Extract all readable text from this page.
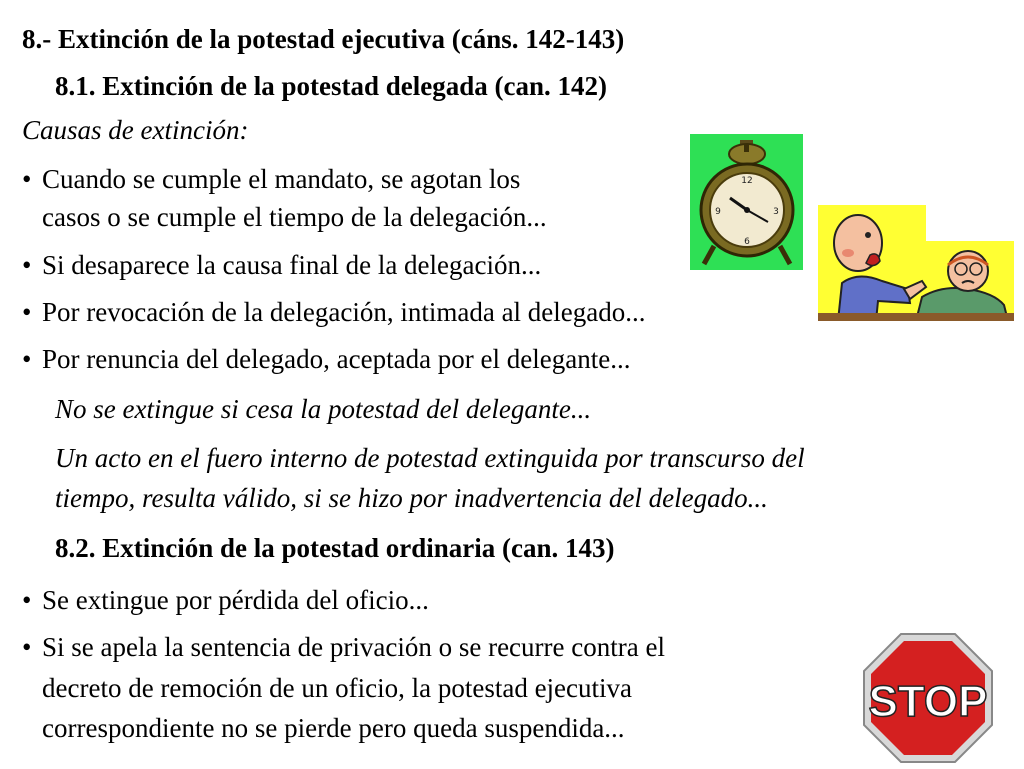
8.- Extinción de la potestad ejecutiva (cáns. 142-143)
8.1. Extinción de la potestad delegada (can. 142)
Causas de extinción:
• Cuando se cumple el mandato, se agotan los
casos o se cumple el tiempo de la delegación...
• Si desaparece la causa final de la delegación...
• Por revocación de la delegación, intimada al delegado...
• Por renuncia del delegado, aceptada por el delegante...
No se extingue si cesa la potestad del delegante...
Un acto en el fuero interno de potestad extinguida por transcurso del
tiempo, resulta válido, si se hizo por inadvertencia del delegado...
8.2. Extinción de la potestad ordinaria (can. 143)
• Se extingue por pérdida del oficio...
• Si se apela la sentencia de privación o se recurre contra el
decreto de remoción de un oficio, la potestad ejecutiva
correspondiente no se pierde pero queda suspendida...
12
3
6
9
STOP
